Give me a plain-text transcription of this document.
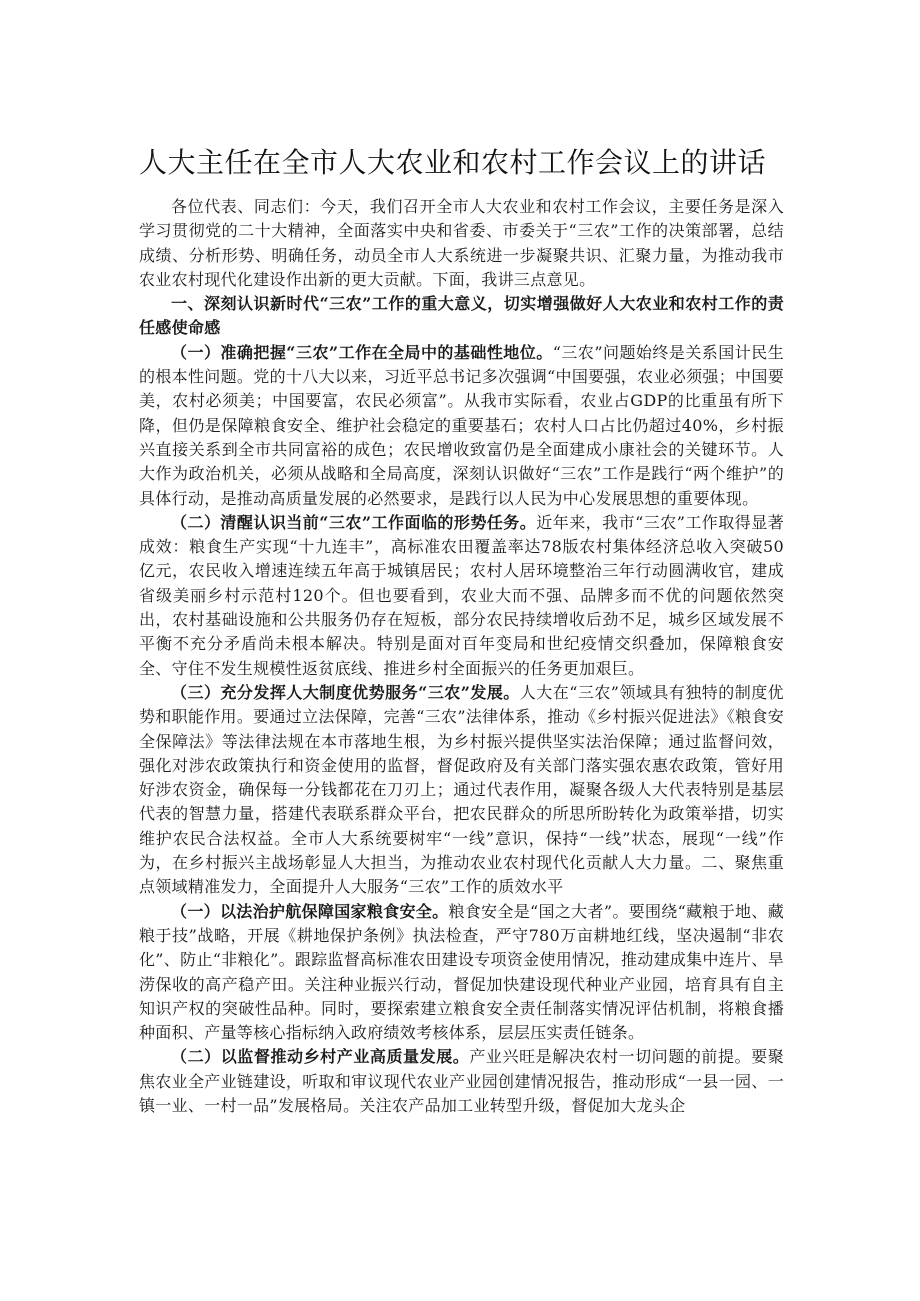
人大主任在全市人大农业和农村工作会议上的讲话

各位代表、同志们：今天，我们召开全市人大农业和农村工作会议，主要任务是深入学习贯彻党的二十大精神，全面落实中央和省委、市委关于“三农”工作的决策部署，总结成绩、分析形势、明确任务，动员全市人大系统进一步凝聚共识、汇聚力量，为推动我市农业农村现代化建设作出新的更大贡献。下面，我讲三点意见。

一、深刻认识新时代“三农”工作的重大意义，切实增强做好人大农业和农村工作的责任感使命感

（一）准确把握“三农”工作在全局中的基础性地位。“三农”问题始终是关系国计民生的根本性问题。党的十八大以来，习近平总书记多次强调“中国要强，农业必须强；中国要美，农村必须美；中国要富，农民必须富”。从我市实际看，农业占GDP的比重虽有所下降，但仍是保障粮食安全、维护社会稳定的重要基石；农村人口占比仍超过40%，乡村振兴直接关系到全市共同富裕的成色；农民增收致富仍是全面建成小康社会的关键环节。人大作为政治机关，必须从战略和全局高度，深刻认识做好“三农”工作是践行“两个维护”的具体行动，是推动高质量发展的必然要求，是践行以人民为中心发展思想的重要体现。

（二）清醒认识当前“三农”工作面临的形势任务。近年来，我市“三农”工作取得显著成效：粮食生产实现“十九连丰”，高标准农田覆盖率达78版农村集体经济总收入突破50亿元，农民收入增速连续五年高于城镇居民；农村人居环境整治三年行动圆满收官，建成省级美丽乡村示范村120个。但也要看到，农业大而不强、品牌多而不优的问题依然突出，农村基础设施和公共服务仍存在短板，部分农民持续增收后劲不足，城乡区域发展不平衡不充分矛盾尚未根本解决。特别是面对百年变局和世纪疫情交织叠加，保障粮食安全、守住不发生规模性返贫底线、推进乡村全面振兴的任务更加艰巨。

（三）充分发挥人大制度优势服务“三农”发展。人大在“三农”领域具有独特的制度优势和职能作用。要通过立法保障，完善“三农”法律体系，推动《乡村振兴促进法》《粮食安全保障法》等法律法规在本市落地生根，为乡村振兴提供坚实法治保障；通过监督问效，强化对涉农政策执行和资金使用的监督，督促政府及有关部门落实强农惠农政策，管好用好涉农资金，确保每一分钱都花在刀刃上；通过代表作用，凝聚各级人大代表特别是基层代表的智慧力量，搭建代表联系群众平台，把农民群众的所思所盼转化为政策举措，切实维护农民合法权益。全市人大系统要树牢“一线”意识，保持“一线”状态，展现“一线”作为，在乡村振兴主战场彰显人大担当，为推动农业农村现代化贡献人大力量。二、聚焦重点领域精准发力，全面提升人大服务“三农”工作的质效水平

（一）以法治护航保障国家粮食安全。粮食安全是“国之大者”。要围绕“藏粮于地、藏粮于技”战略，开展《耕地保护条例》执法检查，严守780万亩耕地红线，坚决遏制“非农化”、防止“非粮化”。跟踪监督高标准农田建设专项资金使用情况，推动建成集中连片、旱涝保收的高产稳产田。关注种业振兴行动，督促加快建设现代种业产业园，培育具有自主知识产权的突破性品种。同时，要探索建立粮食安全责任制落实情况评估机制，将粮食播种面积、产量等核心指标纳入政府绩效考核体系，层层压实责任链条。

（二）以监督推动乡村产业高质量发展。产业兴旺是解决农村一切问题的前提。要聚焦农业全产业链建设，听取和审议现代农业产业园创建情况报告，推动形成“一县一园、一镇一业、一村一品”发展格局。关注农产品加工业转型升级，督促加大龙头企
